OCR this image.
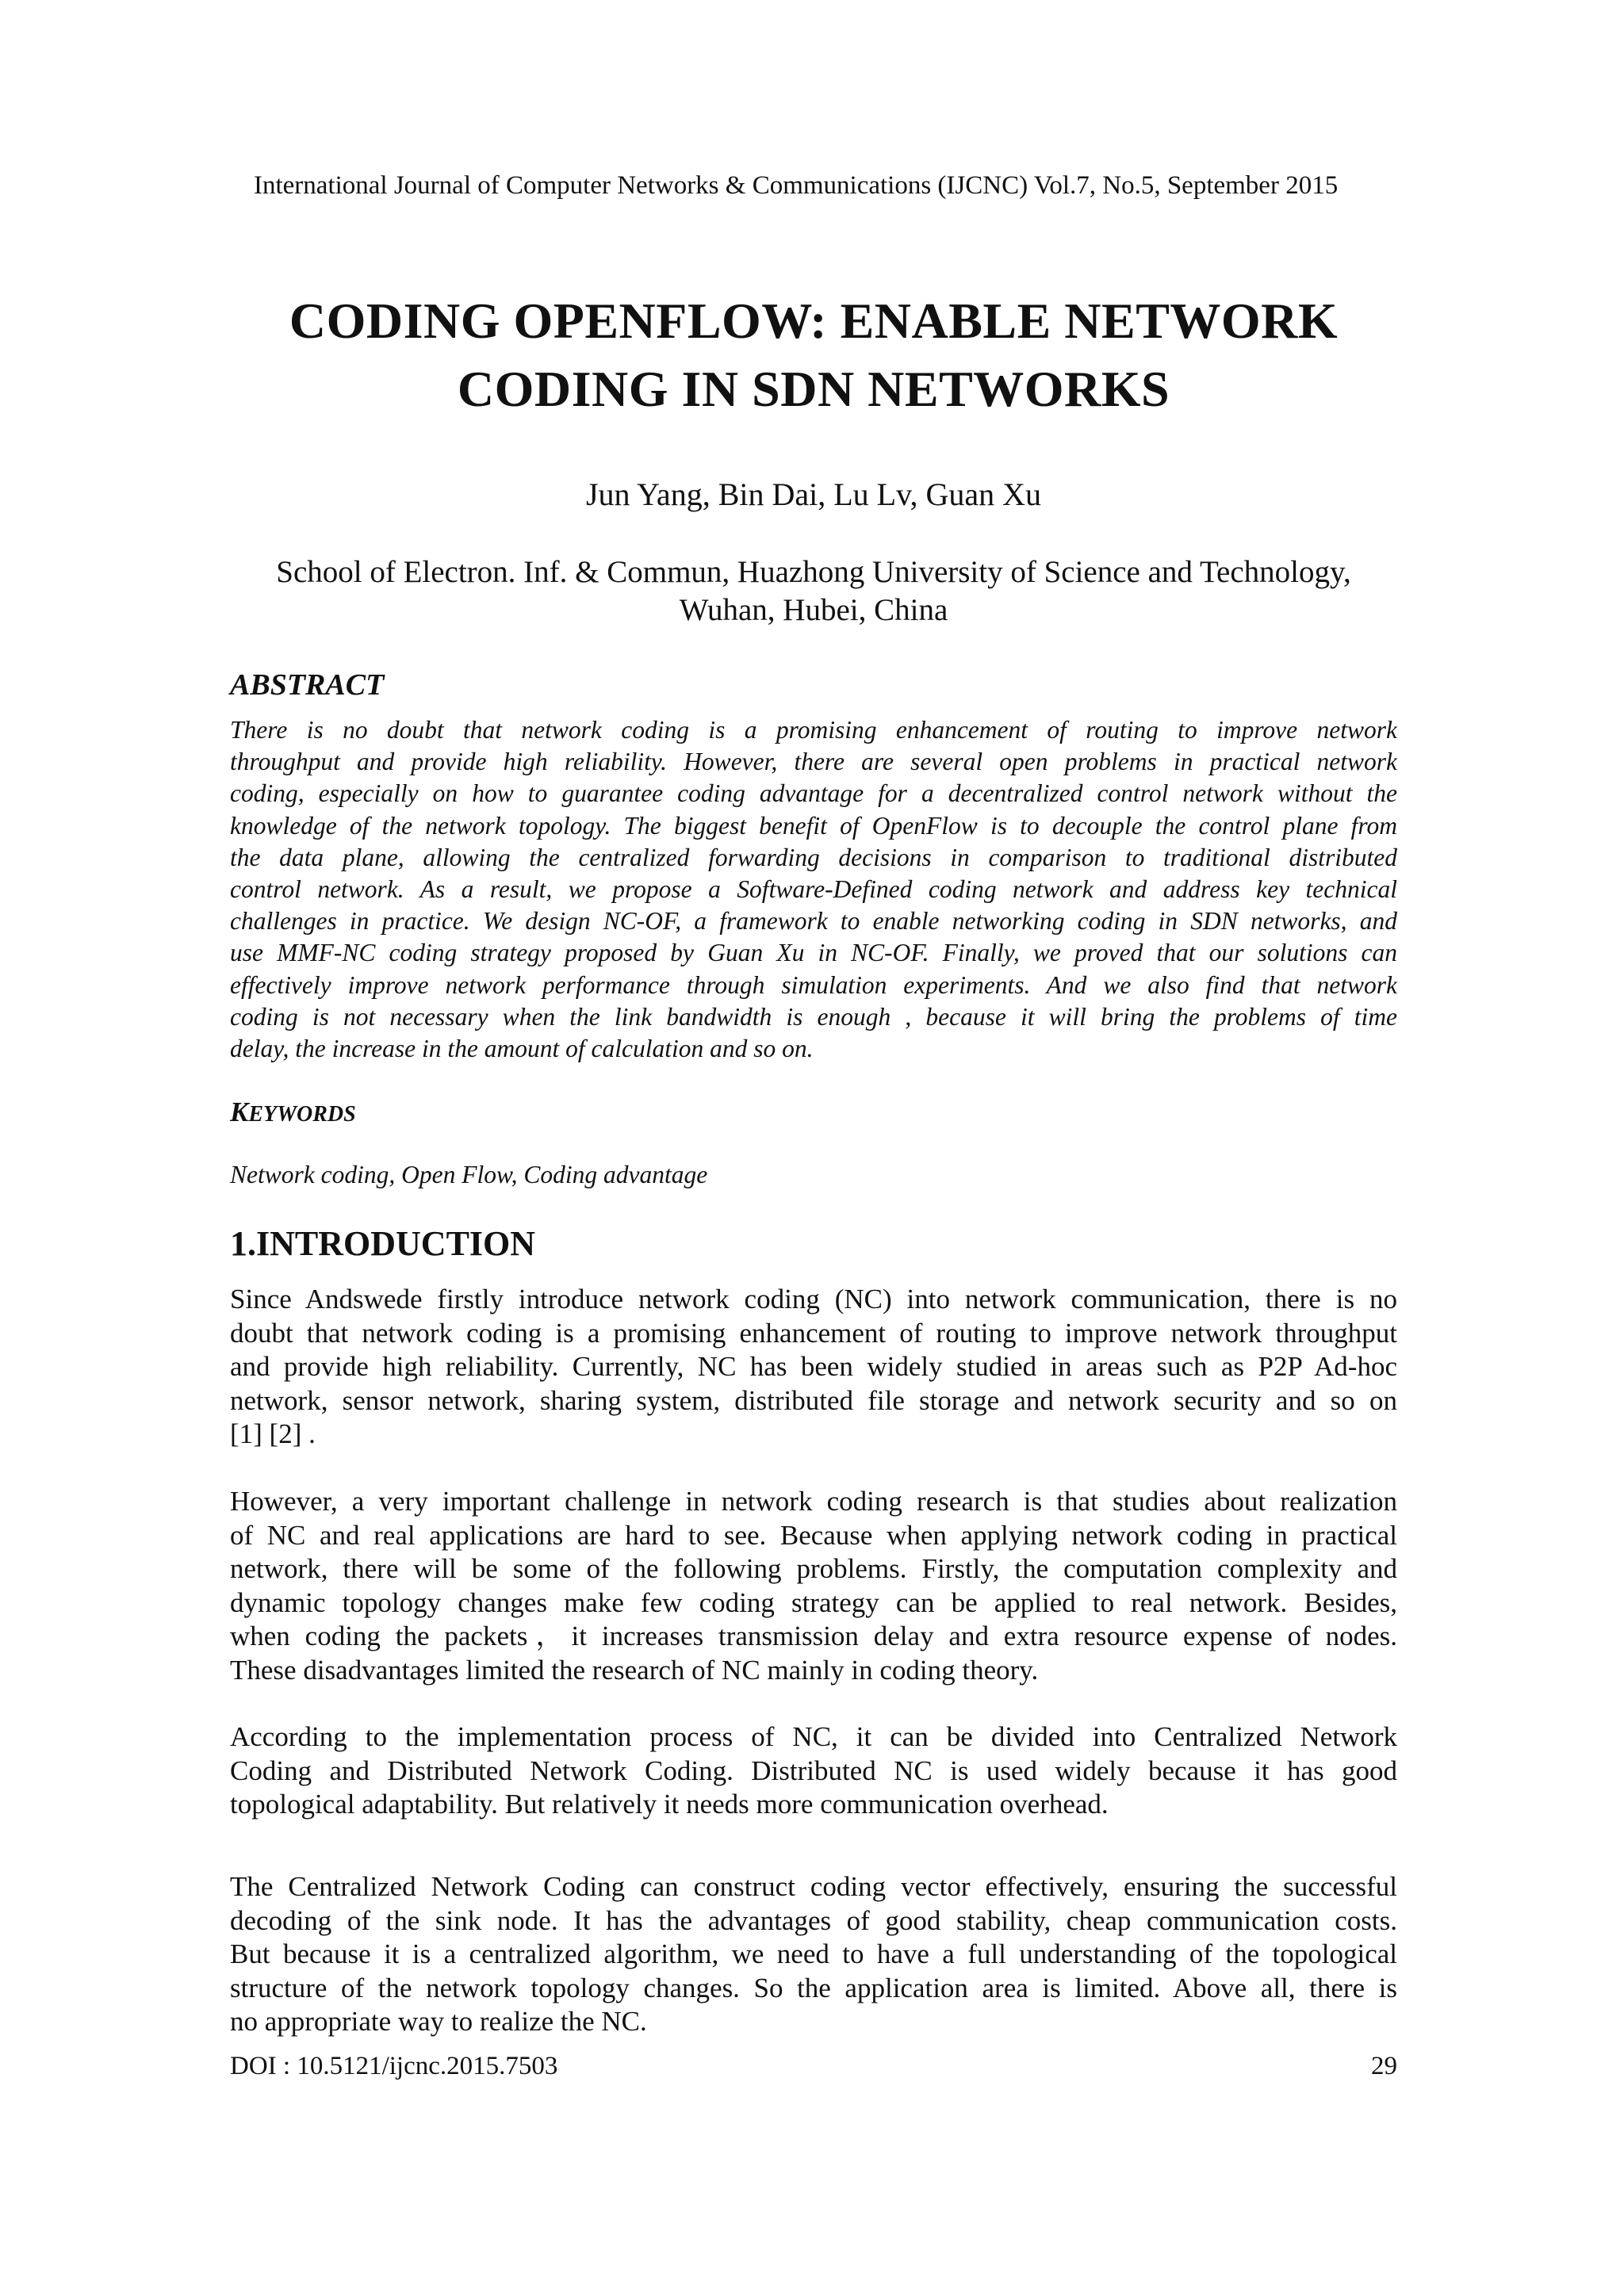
International Journal of Computer Networks & Communications (IJCNC) Vol.7, No.5, September 2015
CODING OPENFLOW: ENABLE NETWORK
CODING IN SDN NETWORKS
Jun Yang, Bin Dai, Lu Lv, Guan Xu
School of Electron. Inf. & Commun, Huazhong University of Science and Technology,
Wuhan, Hubei, China
ABSTRACT
There is no doubt that network coding is a promising enhancement of routing to improve network
throughput and provide high reliability. However, there are several open problems in practical network
coding, especially on how to guarantee coding advantage for a decentralized control network without the
knowledge of the network topology. The biggest benefit of OpenFlow is to decouple the control plane from
the data plane, allowing the centralized forwarding decisions in comparison to traditional distributed
control network. As a result, we propose a Software-Defined coding network and address key technical
challenges in practice. We design NC-OF, a framework to enable networking coding in SDN networks, and
use MMF-NC coding strategy proposed by Guan Xu in NC-OF. Finally, we proved that our solutions can
effectively improve network performance through simulation experiments. And we also find that network
coding is not necessary when the link bandwidth is enough , because it will bring the problems of time
delay, the increase in the amount of calculation and so on.
KEYWORDS
Network coding, Open Flow, Coding advantage
1.INTRODUCTION
Since Andswede firstly introduce network coding (NC) into network communication, there is no
doubt that network coding is a promising enhancement of routing to improve network throughput
and provide high reliability. Currently, NC has been widely studied in areas such as P2P Ad-hoc
network, sensor network, sharing system, distributed file storage and network security and so on
[1] [2] .
However, a very important challenge in network coding research is that studies about realization
of NC and real applications are hard to see. Because when applying network coding in practical
network, there will be some of the following problems. Firstly, the computation complexity and
dynamic topology changes make few coding strategy can be applied to real network. Besides,
when coding the packets，it increases transmission delay and extra resource expense of nodes.
These disadvantages limited the research of NC mainly in coding theory.
According to the implementation process of NC, it can be divided into Centralized Network
Coding and Distributed Network Coding. Distributed NC is used widely because it has good
topological adaptability. But relatively it needs more communication overhead.
The Centralized Network Coding can construct coding vector effectively, ensuring the successful
decoding of the sink node. It has the advantages of good stability, cheap communication costs.
But because it is a centralized algorithm, we need to have a full understanding of the topological
structure of the network topology changes. So the application area is limited. Above all, there is
no appropriate way to realize the NC.
DOI : 10.5121/ijcnc.2015.7503	29
